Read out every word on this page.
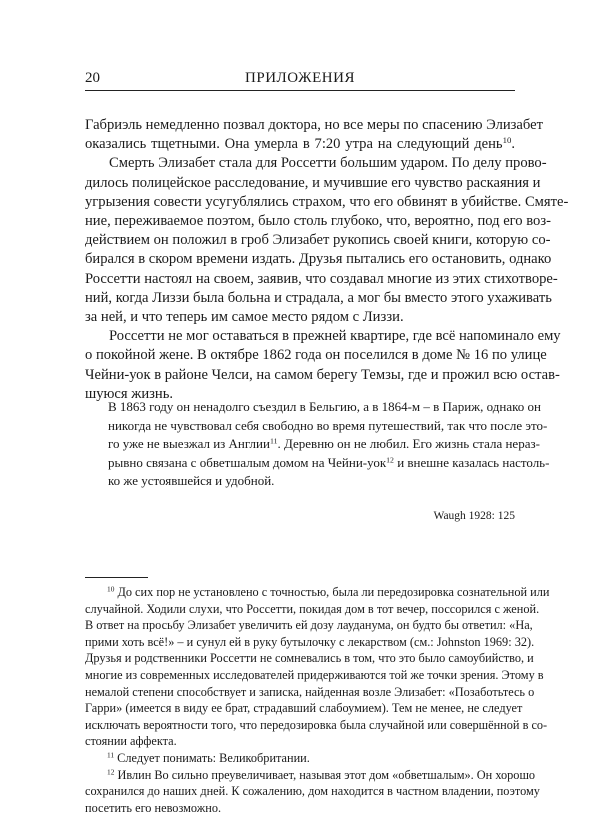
20	ПРИЛОЖЕНИЯ
Габриэль немедленно позвал доктора, но все меры по спасению Элизабет
оказались тщетными. Она умерла в 7:20 утра на следующий день$^{10}$.
Смерть Элизабет стала для Россетти большим ударом. По делу прово-
дилось полицейское расследование, и мучившие его чувство раскаяния и
угрызения совести усугублялись страхом, что его обвинят в убийстве. Смяте-
ние, переживаемое поэтом, было столь глубоко, что, вероятно, под его воз-
действием он положил в гроб Элизабет рукопись своей книги, которую со-
бирался в скором времени издать. Друзья пытались его остановить, однако
Россетти настоял на своем, заявив, что создавал многие из этих стихотворе-
ний, когда Лиззи была больна и страдала, а мог бы вместо этого ухаживать
за ней, и что теперь им самое место рядом с Лиззи.
Россетти не мог оставаться в прежней квартире, где всё напоминало ему
о покойной жене. В октябре 1862 года он поселился в доме № 16 по улице
Чейни-уок в районе Челси, на самом берегу Темзы, где и прожил всю остав-
шуюся жизнь.
В 1863 году он ненадолго съездил в Бельгию, а в 1864-м – в Париж, однако он
никогда не чувствовал себя свободно во время путешествий, так что после это-
го уже не выезжал из Англии$^{11}$. Деревню он не любил. Его жизнь стала нераз-
рывно связана с обветшалым домом на Чейни-уок$^{12}$ и внешне казалась настоль-
ко же устоявшейся и удобной.
Waugh 1928: 125
$^{10}$ До сих пор не установлено с точностью, была ли передозировка сознательной или
случайной. Ходили слухи, что Россетти, покидая дом в тот вечер, поссорился с женой.
В ответ на просьбу Элизабет увеличить ей дозу лауданума, он будто бы ответил: «На,
прими хоть всё!» – и сунул ей в руку бутылочку с лекарством (см.: Johnston 1969: 32).
Друзья и родственники Россетти не сомневались в том, что это было самоубийство, и
многие из современных исследователей придерживаются той же точки зрения. Этому в
немалой степени способствует и записка, найденная возле Элизабет: «Позаботьтесь о
Гарри» (имеется в виду ее брат, страдавший слабоумием). Тем не менее, не следует
исключать вероятности того, что передозировка была случайной или совершённой в со-
стоянии аффекта.
$^{11}$ Следует понимать: Великобритании.
$^{12}$ Ивлин Во сильно преувеличивает, называя этот дом «обветшалым». Он хорошо
сохранился до наших дней. К сожалению, дом находится в частном владении, поэтому
посетить его невозможно.
